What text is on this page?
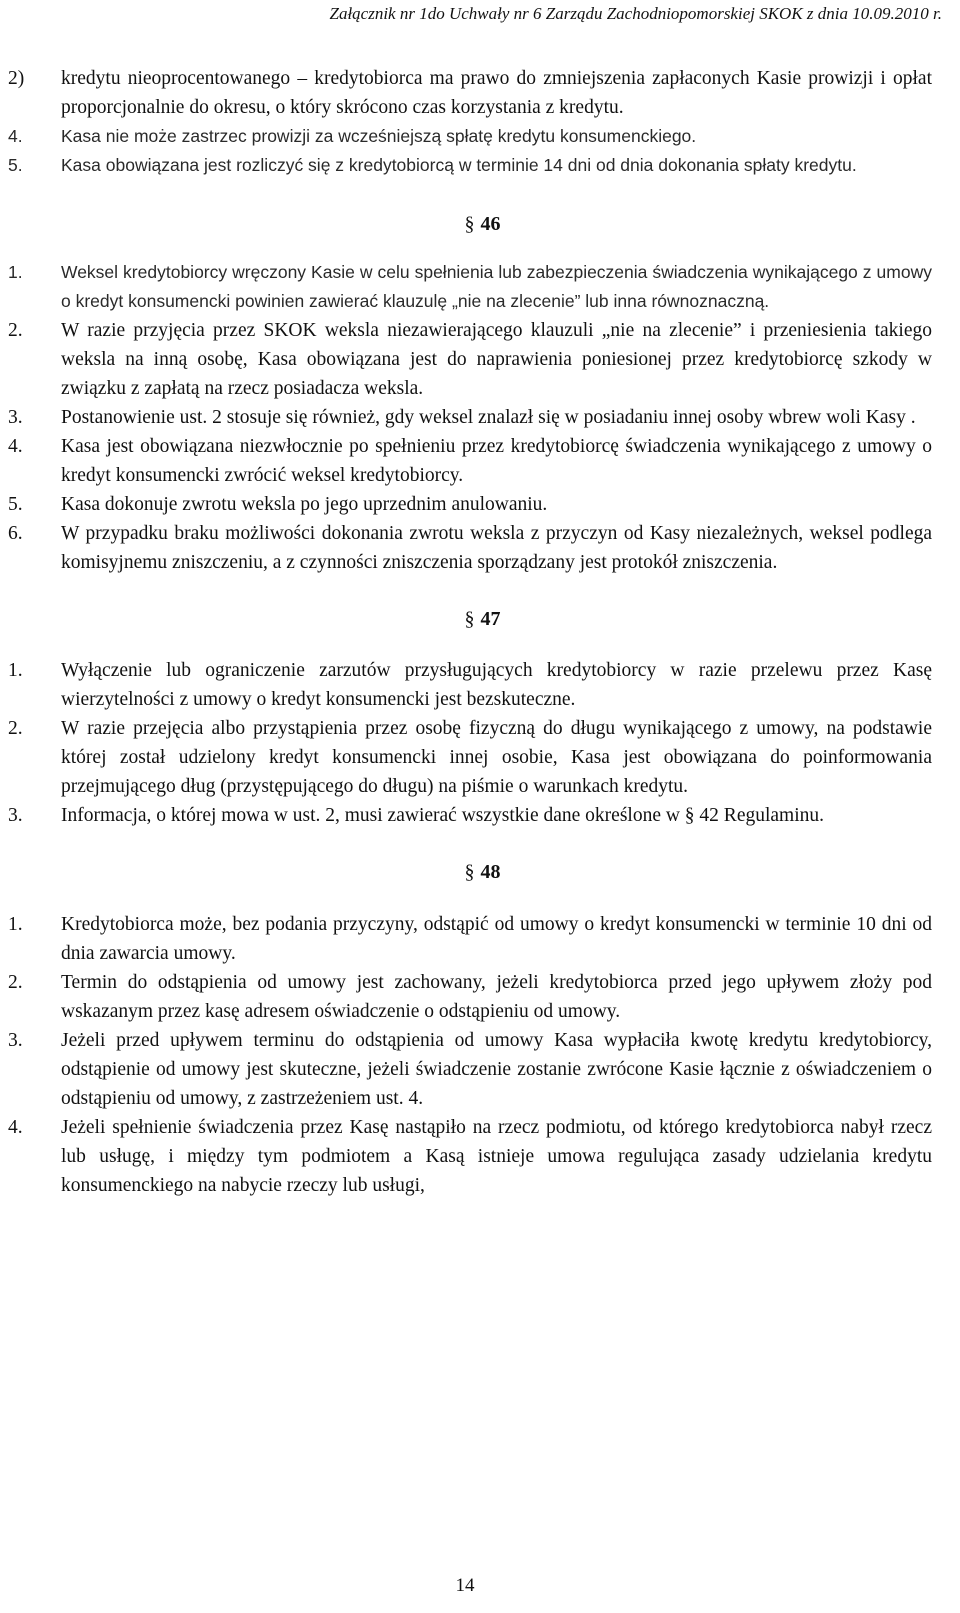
Załącznik nr 1do Uchwały nr 6 Zarządu Zachodniopomorskiej SKOK z dnia 10.09.2010 r.
2)	kredytu nieoprocentowanego – kredytobiorca ma prawo do zmniejszenia zapłaconych Kasie prowizji i opłat proporcjonalnie do okresu, o który skrócono czas korzystania z kredytu.
4.	Kasa nie może zastrzec prowizji za wcześniejszą spłatę kredytu konsumenckiego.
5.	Kasa obowiązana jest rozliczyć się z kredytobiorcą w terminie 14 dni od dnia dokonania spłaty kredytu.
§ 46
1.	Weksel kredytobiorcy wręczony Kasie w celu spełnienia lub zabezpieczenia świadczenia wynikającego z umowy o kredyt konsumencki powinien zawierać klauzulę „nie na zlecenie” lub inna równoznaczną.
2.	W razie przyjęcia przez SKOK weksla niezawierającego klauzuli „nie na zlecenie” i przeniesienia takiego weksla na inną osobę, Kasa obowiązana jest do naprawienia poniesionej przez kredytobiorcę szkody w związku z zapłatą na rzecz posiadacza weksla.
3.	Postanowienie ust. 2 stosuje się również, gdy weksel znalazł się w posiadaniu innej osoby wbrew woli Kasy .
4.	Kasa jest obowiązana niezwłocznie po spełnieniu przez kredytobiorcę świadczenia wynikającego z umowy o kredyt konsumencki zwrócić weksel kredytobiorcy.
5.	Kasa dokonuje zwrotu weksla po jego uprzednim anulowaniu.
6.	W przypadku braku możliwości dokonania zwrotu weksla z przyczyn od Kasy niezależnych, weksel podlega komisyjnemu zniszczeniu, a z czynności zniszczenia sporządzany jest protokół zniszczenia.
§ 47
1.	Wyłączenie lub ograniczenie zarzutów przysługujących kredytobiorcy w razie przelewu przez Kasę wierzytelności z umowy o kredyt konsumencki jest bezskuteczne.
2.	W razie przejęcia albo przystąpienia przez osobę fizyczną do długu wynikającego z umowy, na podstawie której został udzielony kredyt konsumencki innej osobie, Kasa jest obowiązana do poinformowania przejmującego dług (przystępującego do długu) na piśmie o warunkach kredytu.
3.	Informacja, o której mowa w ust. 2, musi zawierać wszystkie dane określone w § 42 Regulaminu.
§ 48
1.	Kredytobiorca może, bez podania przyczyny, odstąpić od umowy o kredyt konsumencki w terminie 10 dni od dnia zawarcia umowy.
2.	Termin do odstąpienia od umowy jest zachowany, jeżeli kredytobiorca przed jego upływem złoży pod wskazanym przez kasę adresem oświadczenie o odstąpieniu od umowy.
3.	Jeżeli przed upływem terminu do odstąpienia od umowy Kasa wypłaciła kwotę kredytu kredytobiorcy, odstąpienie od umowy jest skuteczne, jeżeli świadczenie zostanie zwrócone Kasie łącznie z oświadczeniem o odstąpieniu od umowy, z zastrzeżeniem ust. 4.
4.	Jeżeli spełnienie świadczenia przez Kasę nastąpiło na rzecz podmiotu, od którego kredytobiorca nabył rzecz lub usługę, i między tym podmiotem a Kasą istnieje umowa regulująca zasady udzielania kredytu konsumenckiego na nabycie rzeczy lub usługi,
14
